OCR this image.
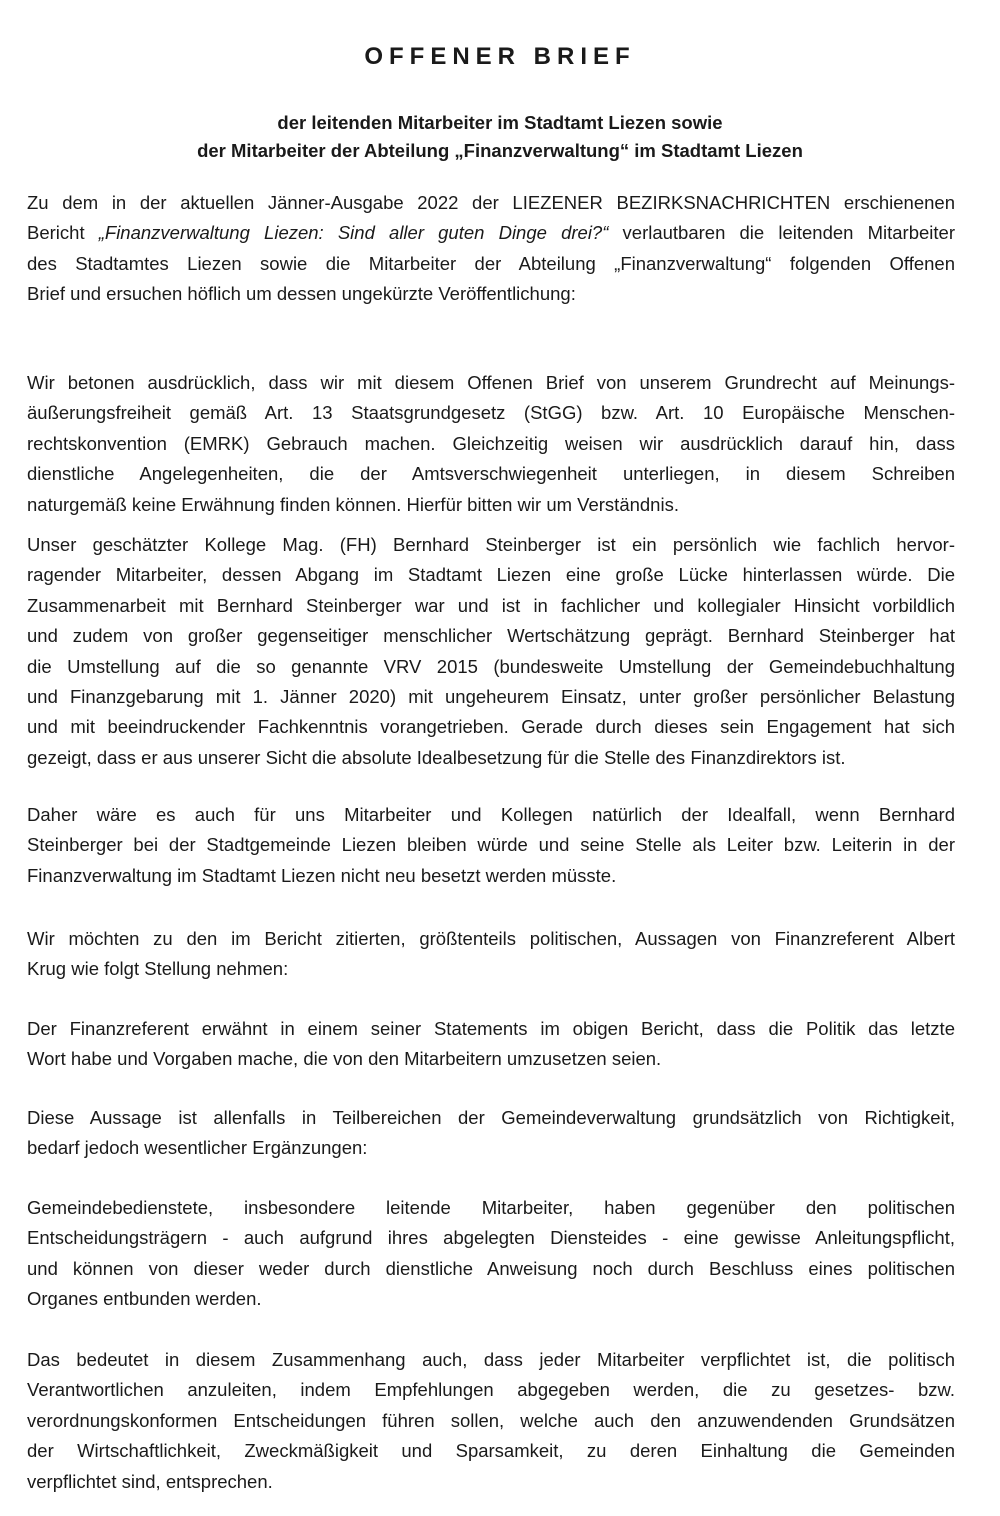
OFFENER BRIEF
der leitenden Mitarbeiter im Stadtamt Liezen sowie
der Mitarbeiter der Abteilung „Finanzverwaltung“ im Stadtamt Liezen
Zu dem in der aktuellen Jänner-Ausgabe 2022 der LIEZENER BEZIRKSNACHRICHTEN erschienenen
Bericht „Finanzverwaltung Liezen: Sind aller guten Dinge drei?“ verlautbaren die leitenden Mitarbeiter
des Stadtamtes Liezen sowie die Mitarbeiter der Abteilung „Finanzverwaltung“ folgenden Offenen
Brief und ersuchen höflich um dessen ungekürzte Veröffentlichung:
Wir betonen ausdrücklich, dass wir mit diesem Offenen Brief von unserem Grundrecht auf Meinungs-
äußerungsfreiheit gemäß Art. 13 Staatsgrundgesetz (StGG) bzw. Art. 10 Europäische Menschen-
rechtskonvention (EMRK) Gebrauch machen. Gleichzeitig weisen wir ausdrücklich darauf hin, dass
dienstliche Angelegenheiten, die der Amtsverschwiegenheit unterliegen, in diesem Schreiben
naturgemäß keine Erwähnung finden können. Hierfür bitten wir um Verständnis.
Unser geschätzter Kollege Mag. (FH) Bernhard Steinberger ist ein persönlich wie fachlich hervor-
ragender Mitarbeiter, dessen Abgang im Stadtamt Liezen eine große Lücke hinterlassen würde. Die
Zusammenarbeit mit Bernhard Steinberger war und ist in fachlicher und kollegialer Hinsicht vorbildlich
und zudem von großer gegenseitiger menschlicher Wertschätzung geprägt. Bernhard Steinberger hat
die Umstellung auf die so genannte VRV 2015 (bundesweite Umstellung der Gemeindebuchhaltung
und Finanzgebarung mit 1. Jänner 2020) mit ungeheurem Einsatz, unter großer persönlicher Belastung
und mit beeindruckender Fachkenntnis vorangetrieben. Gerade durch dieses sein Engagement hat sich
gezeigt, dass er aus unserer Sicht die absolute Idealbesetzung für die Stelle des Finanzdirektors ist.
Daher wäre es auch für uns Mitarbeiter und Kollegen natürlich der Idealfall, wenn Bernhard
Steinberger bei der Stadtgemeinde Liezen bleiben würde und seine Stelle als Leiter bzw. Leiterin in der
Finanzverwaltung im Stadtamt Liezen nicht neu besetzt werden müsste.
Wir möchten zu den im Bericht zitierten, größtenteils politischen, Aussagen von Finanzreferent Albert
Krug wie folgt Stellung nehmen:
Der Finanzreferent erwähnt in einem seiner Statements im obigen Bericht, dass die Politik das letzte
Wort habe und Vorgaben mache, die von den Mitarbeitern umzusetzen seien.
Diese Aussage ist allenfalls in Teilbereichen der Gemeindeverwaltung grundsätzlich von Richtigkeit,
bedarf jedoch wesentlicher Ergänzungen:
Gemeindebedienstete, insbesondere leitende Mitarbeiter, haben gegenüber den politischen
Entscheidungsträgern - auch aufgrund ihres abgelegten Diensteides - eine gewisse Anleitungspflicht,
und können von dieser weder durch dienstliche Anweisung noch durch Beschluss eines politischen
Organes entbunden werden.
Das bedeutet in diesem Zusammenhang auch, dass jeder Mitarbeiter verpflichtet ist, die politisch
Verantwortlichen anzuleiten, indem Empfehlungen abgegeben werden, die zu gesetzes- bzw.
verordnungskonformen Entscheidungen führen sollen, welche auch den anzuwendenden Grundsätzen
der Wirtschaftlichkeit, Zweckmäßigkeit und Sparsamkeit, zu deren Einhaltung die Gemeinden
verpflichtet sind, entsprechen.
